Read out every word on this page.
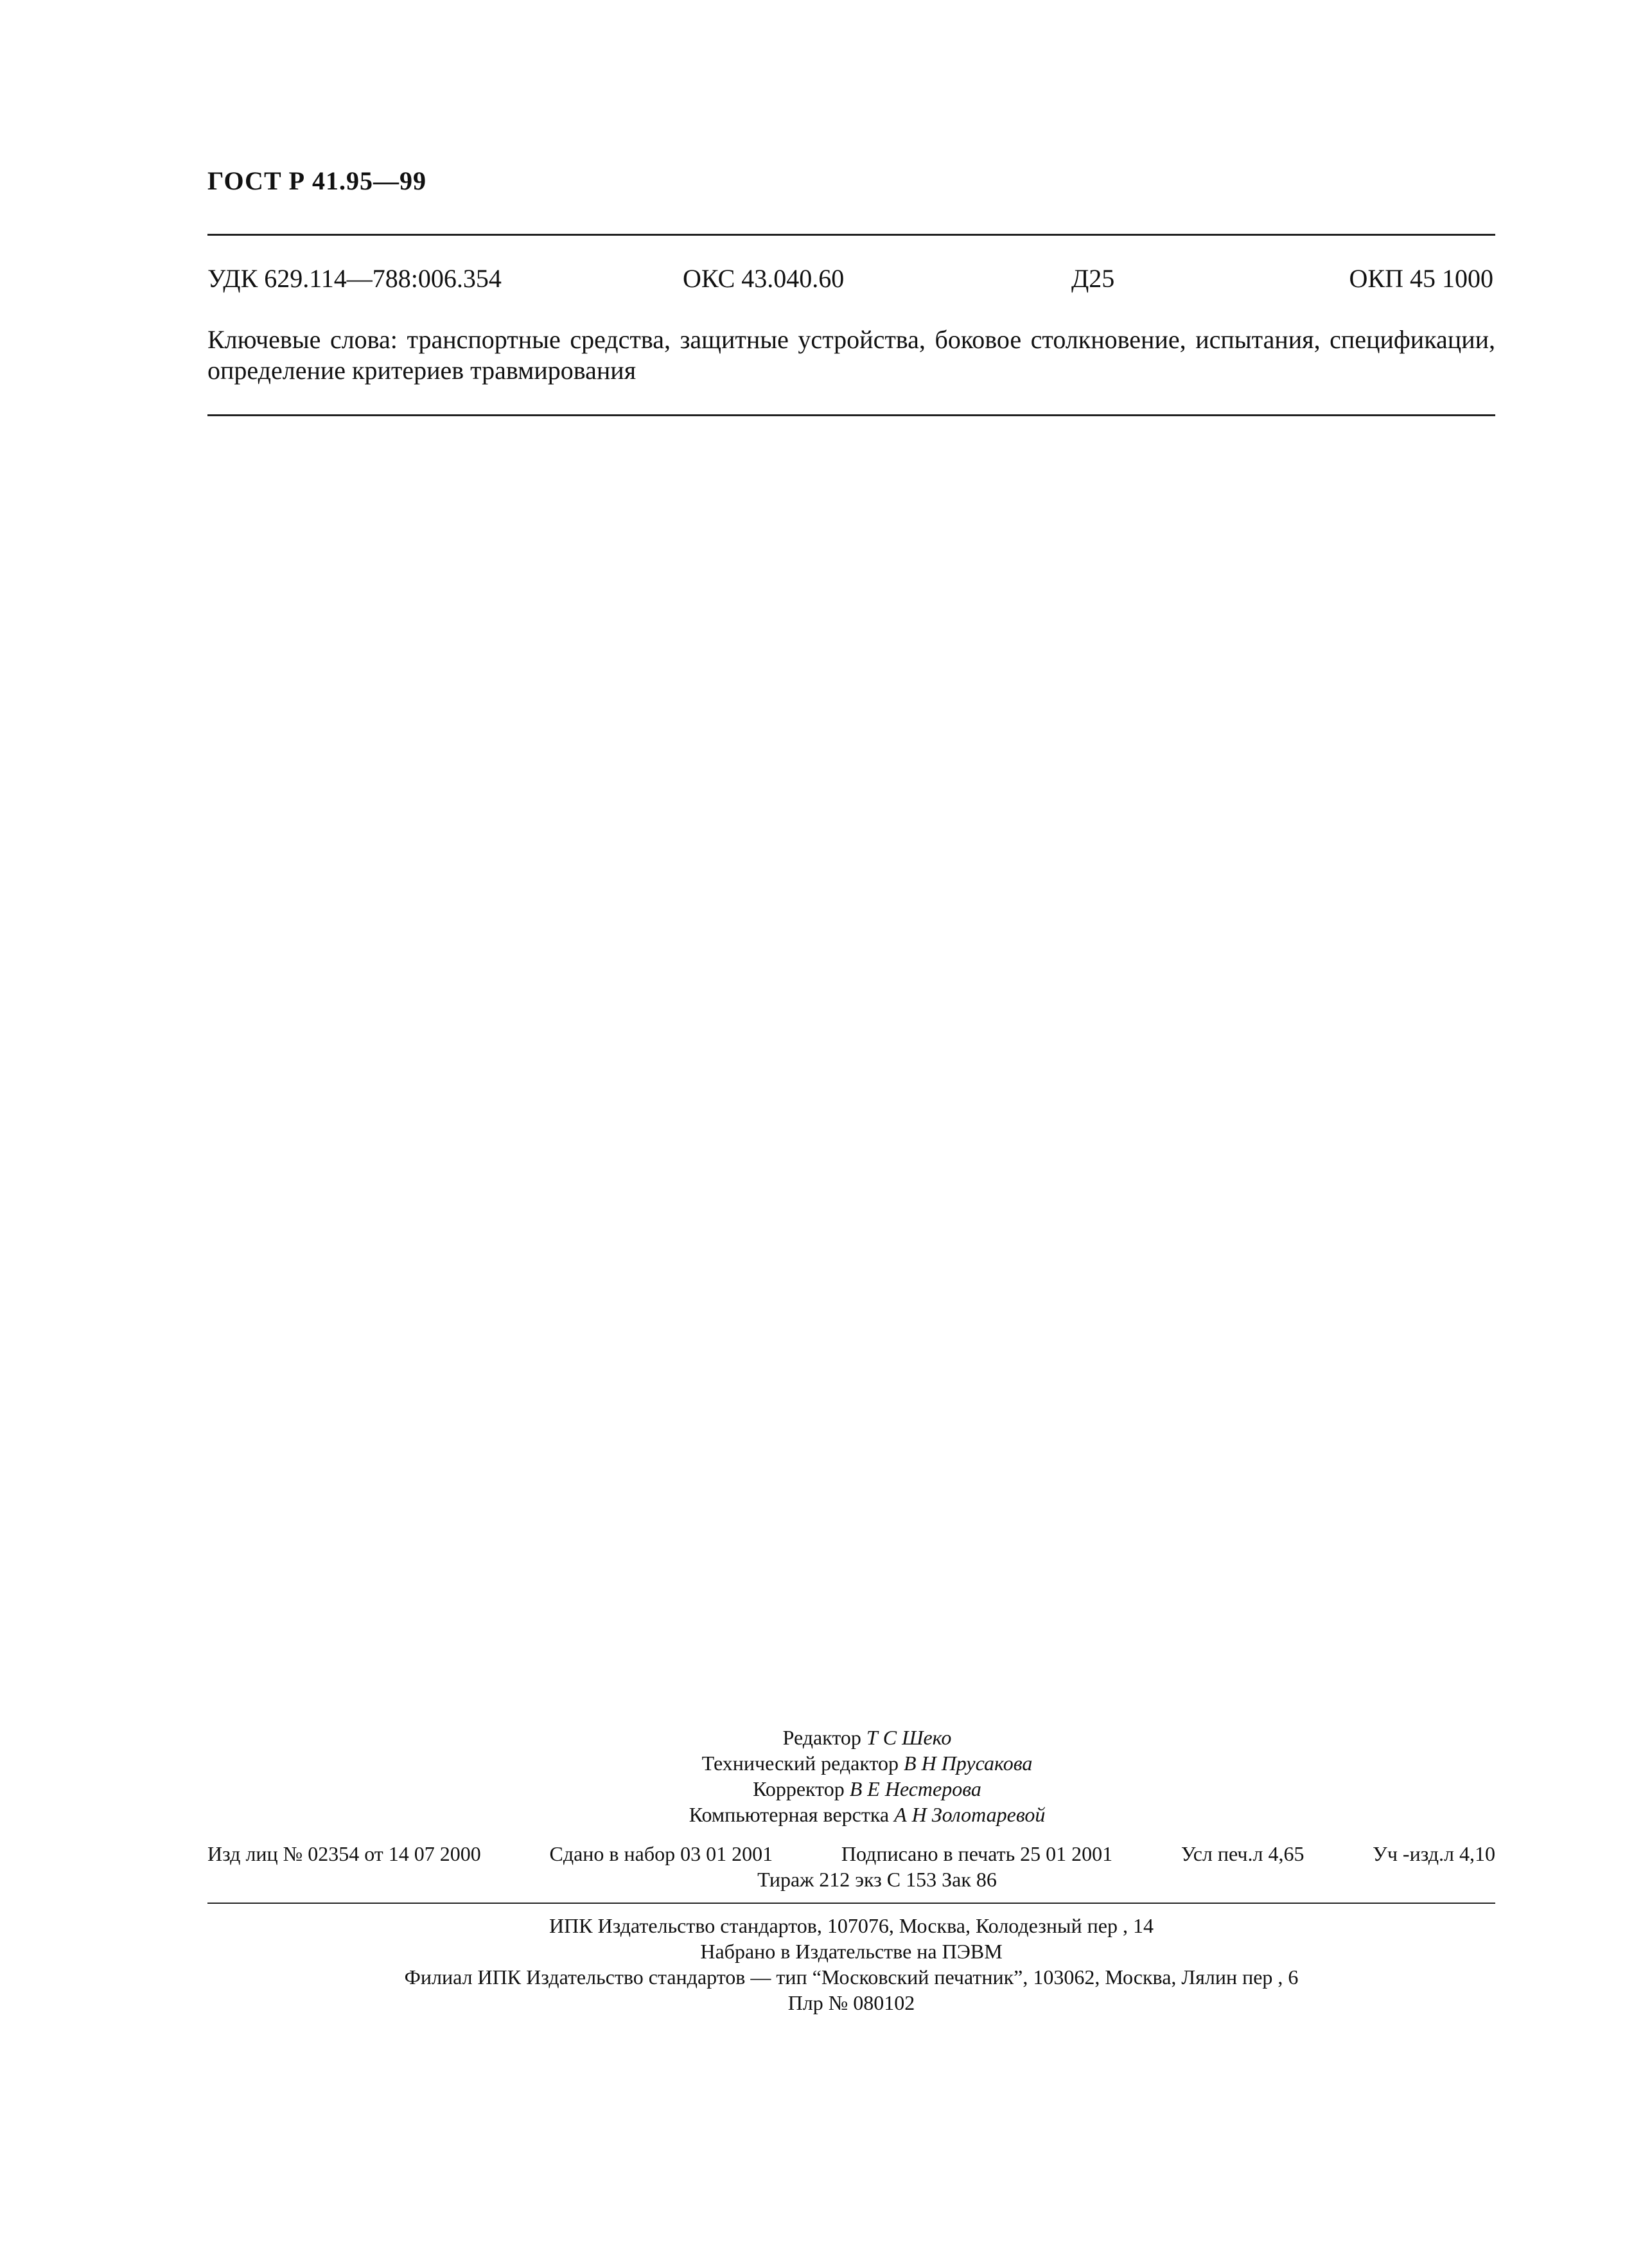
ГОСТ Р 41.95—99
УДК 629.114—788:006.354	ОКС 43.040.60	Д25	ОКП 45 1000
Ключевые слова: транспортные средства, защитные устройства, боковое столкновение, испытания, спецификации, определение критериев травмирования
Редактор Т С Шеко
Технический редактор В Н Прусакова
Корректор В Е Нестерова
Компьютерная верстка А Н Золотаревой
Изд лиц № 02354 от 14 07 2000	Сдано в набор 03 01 2001	Подписано в печать 25 01 2001	Усл печ.л 4,65	Уч -изд.л 4,10
Тираж 212 экз С 153 Зак 86
ИПК Издательство стандартов, 107076, Москва, Колодезный пер , 14
Набрано в Издательстве на ПЭВМ
Филиал ИПК Издательство стандартов — тип “Московский печатник”, 103062, Москва, Лялин пер , 6
Плр № 080102
